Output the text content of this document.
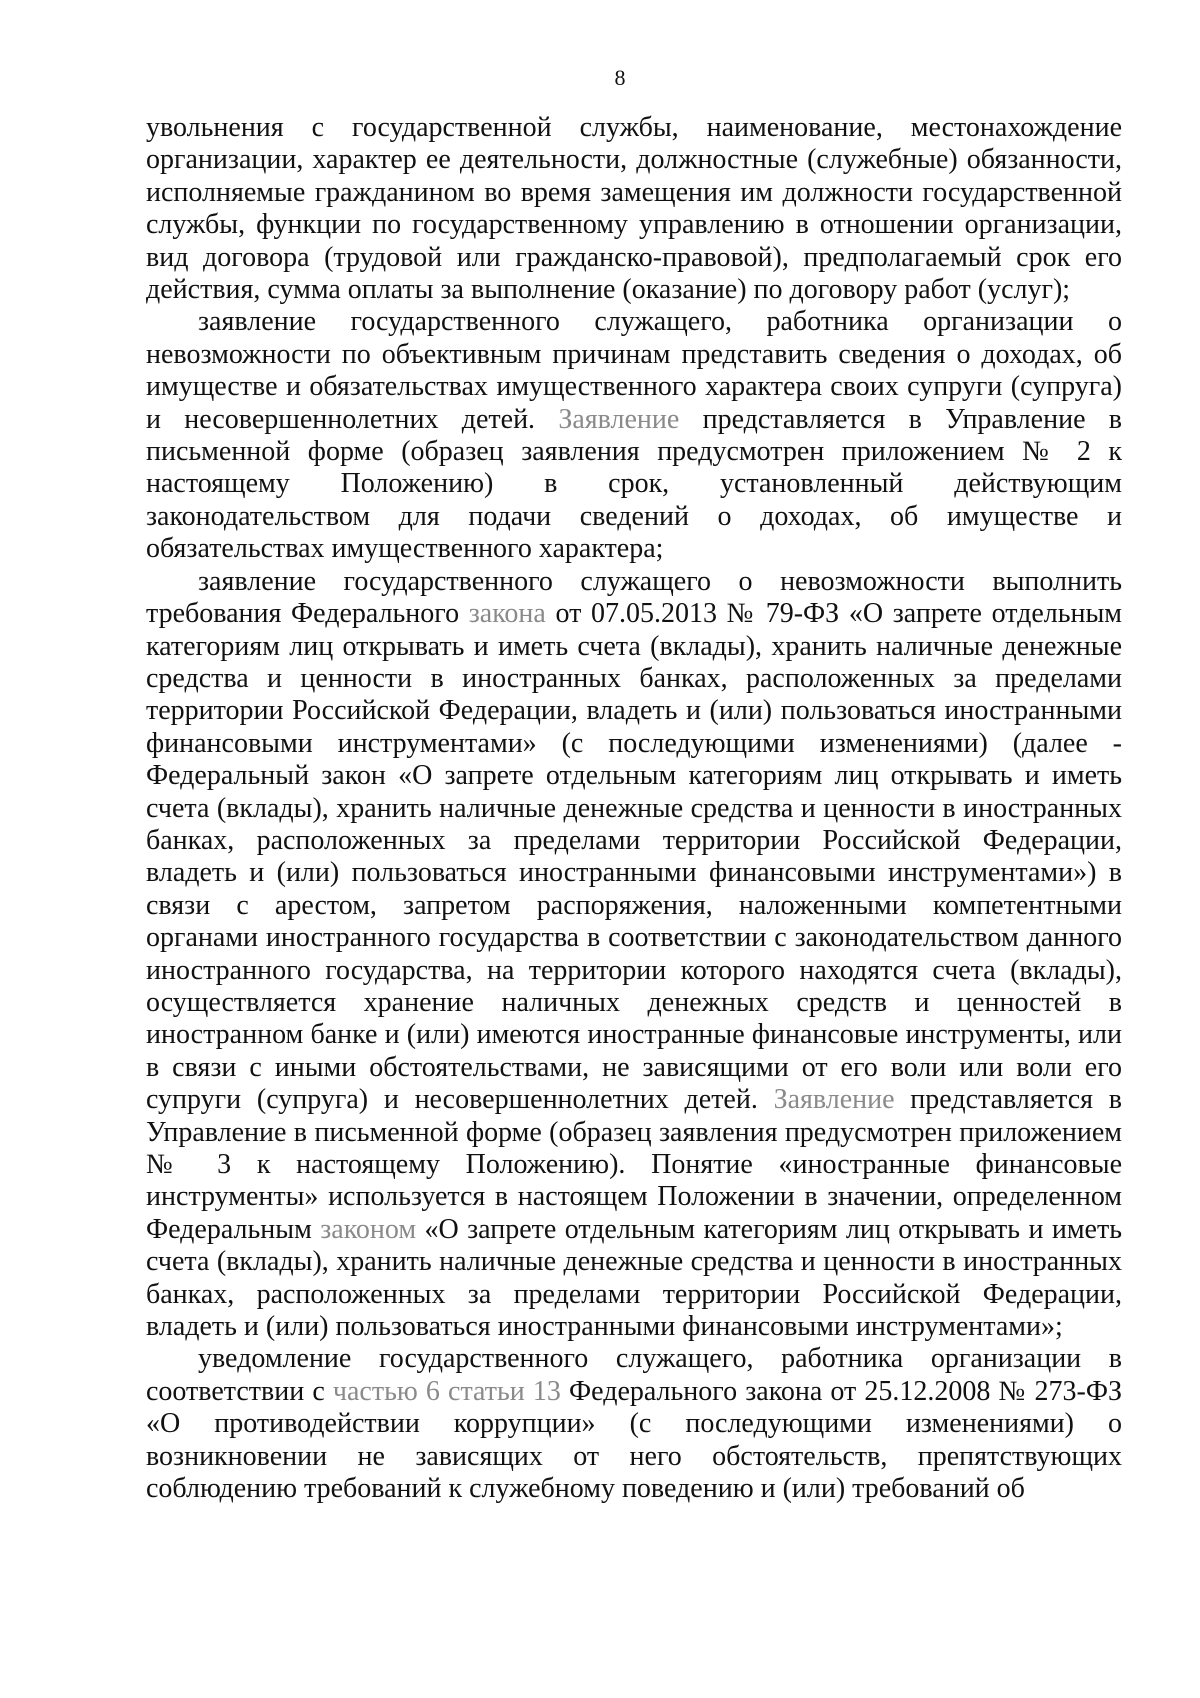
8

увольнения с государственной службы, наименование, местонахождение организации, характер ее деятельности, должностные (служебные) обязанности, исполняемые гражданином во время замещения им должности государственной службы, функции по государственному управлению в отношении организации, вид договора (трудовой или гражданско-правовой), предполагаемый срок его действия, сумма оплаты за выполнение (оказание) по договору работ (услуг);

заявление государственного служащего, работника организации о невозможности по объективным причинам представить сведения о доходах, об имуществе и обязательствах имущественного характера своих супруги (супруга) и несовершеннолетних детей. Заявление представляется в Управление в письменной форме (образец заявления предусмотрен приложением № 2 к настоящему Положению) в срок, установленный действующим законодательством для подачи сведений о доходах, об имуществе и обязательствах имущественного характера;

заявление государственного служащего о невозможности выполнить требования Федерального закона от 07.05.2013 № 79-ФЗ «О запрете отдельным категориям лиц открывать и иметь счета (вклады), хранить наличные денежные средства и ценности в иностранных банках, расположенных за пределами территории Российской Федерации, владеть и (или) пользоваться иностранными финансовыми инструментами» (с последующими изменениями) (далее - Федеральный закон «О запрете отдельным категориям лиц открывать и иметь счета (вклады), хранить наличные денежные средства и ценности в иностранных банках, расположенных за пределами территории Российской Федерации, владеть и (или) пользоваться иностранными финансовыми инструментами») в связи с арестом, запретом распоряжения, наложенными компетентными органами иностранного государства в соответствии с законодательством данного иностранного государства, на территории которого находятся счета (вклады), осуществляется хранение наличных денежных средств и ценностей в иностранном банке и (или) имеются иностранные финансовые инструменты, или в связи с иными обстоятельствами, не зависящими от его воли или воли его супруги (супруга) и несовершеннолетних детей. Заявление представляется в Управление в письменной форме (образец заявления предусмотрен приложением № 3 к настоящему Положению). Понятие «иностранные финансовые инструменты» используется в настоящем Положении в значении, определенном Федеральным законом «О запрете отдельным категориям лиц открывать и иметь счета (вклады), хранить наличные денежные средства и ценности в иностранных банках, расположенных за пределами территории Российской Федерации, владеть и (или) пользоваться иностранными финансовыми инструментами»;

уведомление государственного служащего, работника организации в соответствии с частью 6 статьи 13 Федерального закона от 25.12.2008 № 273-ФЗ «О противодействии коррупции» (с последующими изменениями) о возникновении не зависящих от него обстоятельств, препятствующих соблюдению требований к служебному поведению и (или) требований об
